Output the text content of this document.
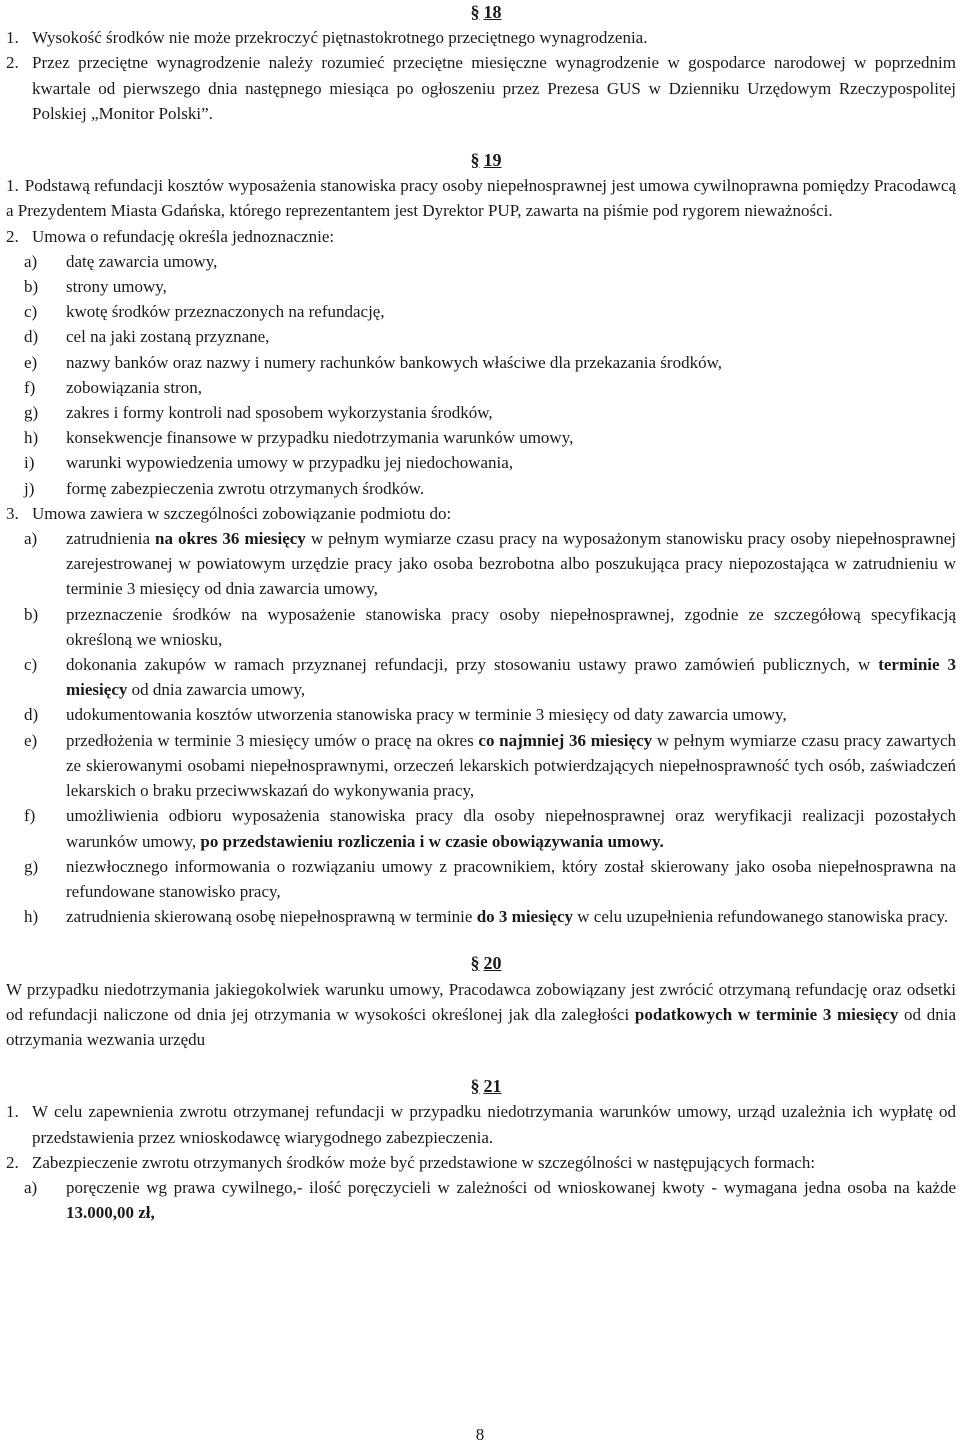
§ 18
1. Wysokość środków nie może przekroczyć piętnastokrotnego przeciętnego wynagrodzenia.
2. Przez przeciętne wynagrodzenie należy rozumieć przeciętne miesięczne wynagrodzenie w gospodarce narodowej w poprzednim kwartale od pierwszego dnia następnego miesiąca po ogłoszeniu przez Prezesa GUS w Dzienniku Urzędowym Rzeczypospolitej Polskiej „Monitor Polski”.
§ 19
1. Podstawą refundacji kosztów wyposażenia stanowiska pracy osoby niepełnosprawnej jest umowa cywilnoprawna pomiędzy Pracodawcą a Prezydentem Miasta Gdańska, którego reprezentantem jest Dyrektor PUP, zawarta na piśmie pod rygorem nieważności.
2. Umowa o refundację określa jednoznacznie:
a) datę zawarcia umowy,
b) strony umowy,
c) kwotę środków przeznaczonych na refundację,
d) cel na jaki zostaną przyznane,
e) nazwy banków oraz nazwy i numery rachunków bankowych właściwe dla przekazania środków,
f) zobowiązania stron,
g) zakres i formy kontroli nad sposobem wykorzystania środków,
h) konsekwencje finansowe w przypadku niedotrzymania warunków umowy,
i) warunki wypowiedzenia umowy w przypadku jej niedochowania,
j) formę zabezpieczenia zwrotu otrzymanych środków.
3. Umowa zawiera w szczególności zobowiązanie podmiotu do:
a) zatrudnienia na okres 36 miesięcy w pełnym wymiarze czasu pracy na wyposażonym stanowisku pracy osoby niepełnosprawnej zarejestrowanej w powiatowym urzędzie pracy jako osoba bezrobotna albo poszukująca pracy niepozostająca w zatrudnieniu w terminie 3 miesięcy od dnia zawarcia umowy,
b) przeznaczenie środków na wyposażenie stanowiska pracy osoby niepełnosprawnej, zgodnie ze szczegółową specyfikacją określoną we wniosku,
c) dokonania zakupów w ramach przyznanej refundacji, przy stosowaniu ustawy prawo zamówień publicznych, w terminie 3 miesięcy od dnia zawarcia umowy,
d) udokumentowania kosztów utworzenia stanowiska pracy w terminie 3 miesięcy od daty zawarcia umowy,
e) przedłożenia w terminie 3 miesięcy umów o pracę na okres co najmniej 36 miesięcy w pełnym wymiarze czasu pracy zawartych ze skierowanymi osobami niepełnosprawnymi, orzeczeń lekarskich potwierdzających niepełnosprawność tych osób, zaświadczeń lekarskich o braku przeciwwskazań do wykonywania pracy,
f) umożliwienia odbioru wyposażenia stanowiska pracy dla osoby niepełnosprawnej oraz weryfikacji realizacji pozostałych warunków umowy, po przedstawieniu rozliczenia i w czasie obowiązywania umowy.
g) niezwłocznego informowania o rozwiązaniu umowy z pracownikiem, który został skierowany jako osoba niepełnosprawna na refundowane stanowisko pracy,
h) zatrudnienia skierowaną osobę niepełnosprawną w terminie do 3 miesięcy w celu uzupełnienia refundowanego stanowiska pracy.
§ 20
W przypadku niedotrzymania jakiegokolwiek warunku umowy, Pracodawca zobowiązany jest zwrócić otrzymaną refundację oraz odsetki od refundacji naliczone od dnia jej otrzymania w wysokości określonej jak dla zaległości podatkowych w terminie 3 miesięcy od dnia otrzymania wezwania urzędu
§ 21
1. W celu zapewnienia zwrotu otrzymanej refundacji w przypadku niedotrzymania warunków umowy, urząd uzależnia ich wypłatę od przedstawienia przez wnioskodawcę wiarygodnego zabezpieczenia.
2. Zabezpieczenie zwrotu otrzymanych środków może być przedstawione w szczególności w następujących formach:
a) poręczenie wg prawa cywilnego,- ilość poręczycieli w zależności od wnioskowanej kwoty - wymagana jedna osoba na każde 13.000,00 zł,
8
